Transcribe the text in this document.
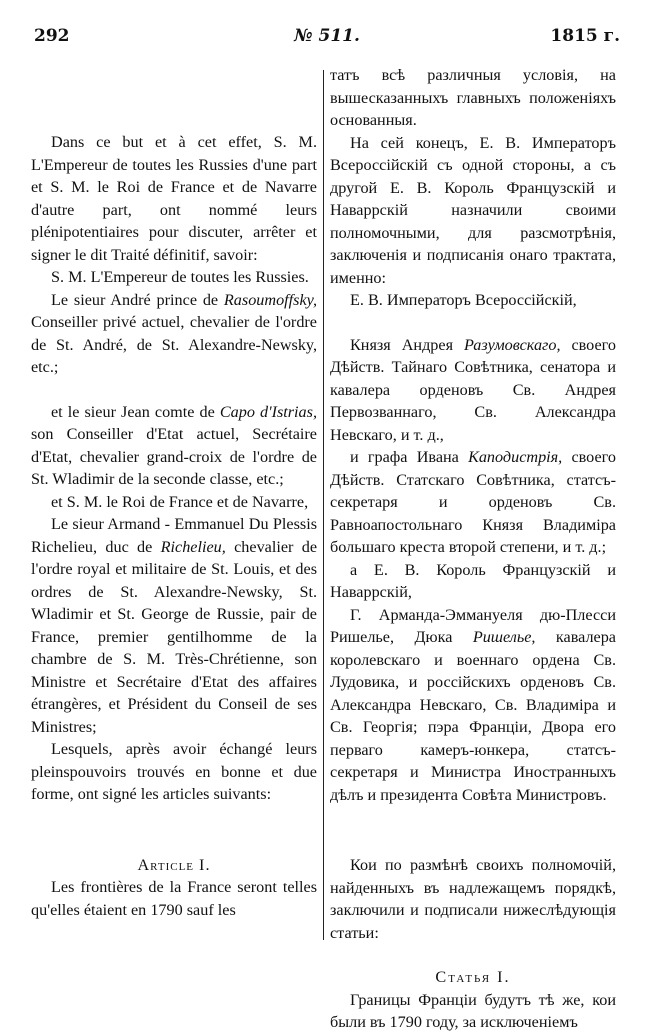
292	№ 511.	1815 г.

Dans ce but et à cet effet, S. M. L'Empereur de toutes les Russies d'une part et S. M. le Roi de France et de Navarre d'autre part, ont nommé leurs plénipotentiaires pour discuter, arrêter et signer le dit Traité définitif, savoir:

S. M. L'Empereur de toutes les Russies.

Le sieur André prince de Rasoumoffsky, Conseiller privé actuel, chevalier de l'ordre de St. André, de St. Alexandre-Newsky, etc.;

et le sieur Jean comte de Capo d'Istrias, son Conseiller d'Etat actuel, Secrétaire d'Etat, chevalier grand-croix de l'ordre de St. Wladimir de la seconde classe, etc.;

et S. M. le Roi de France et de Navarre,

Le sieur Armand - Emmanuel Du Plessis Richelieu, duc de Richelieu, chevalier de l'ordre royal et militaire de St. Louis, et des ordres de St. Alexandre-Newsky, St. Wladimir et St. George de Russie, pair de France, premier gentilhomme de la chambre de S. M. Très-Chrétienne, son Ministre et Secrétaire d'Etat des affaires étrangères, et Président du Conseil de ses Ministres;

Lesquels, après avoir échangé leurs pleinspouvoirs trouvés en bonne et due forme, ont signé les articles suivants:

Article I.

Les frontières de la France seront telles qu'elles étaient en 1790 sauf les

татъ всѣ различныя условія, на вышесказанныхъ главныхъ положеніяхъ основанныя.

На сей конецъ, Е. В. Императоръ Всероссійскій съ одной стороны, а съ другой Е. В. Король Французскій и Наваррскій назначили своими полномочными, для разсмотрѣнія, заключенія и подписанія онаго трактата, именно:

Е. В. Императоръ Всероссійскій,

Князя Андрея Разумовскаго, своего Дѣйств. Тайнаго Совѣтника, сенатора и кавалера орденовъ Св. Андрея Первозваннаго, Св. Александра Невскаго, и т. д.,

и графа Ивана Каподистрія, своего Дѣйств. Статскаго Совѣтника, статсъ-секретаря и орденовъ Св. Равноапостольнаго Князя Владиміра большаго креста второй степени, и т. д.;

а Е. В. Король Французскій и Наваррскій,

Г. Арманда-Эммануеля дю-Плесси Ришелье, Дюка Ришелье, кавалера королевскаго и военнаго ордена Св. Лудовика, и россійскихъ орденовъ Св. Александра Невскаго, Св. Владиміра и Св. Георгія; пэра Франціи, Двора его перваго камеръ-юнкера, статсъ-секретаря и Министра Иностранныхъ дѣлъ и президента Совѣта Министровъ.

Кои по размѣнѣ своихъ полномочій, найденныхъ въ надлежащемъ порядкѣ, заключили и подписали нижеслѣдующія статьи:

Статья I.

Границы Франціи будутъ тѣ же, кои были въ 1790 году, за исключеніемъ
